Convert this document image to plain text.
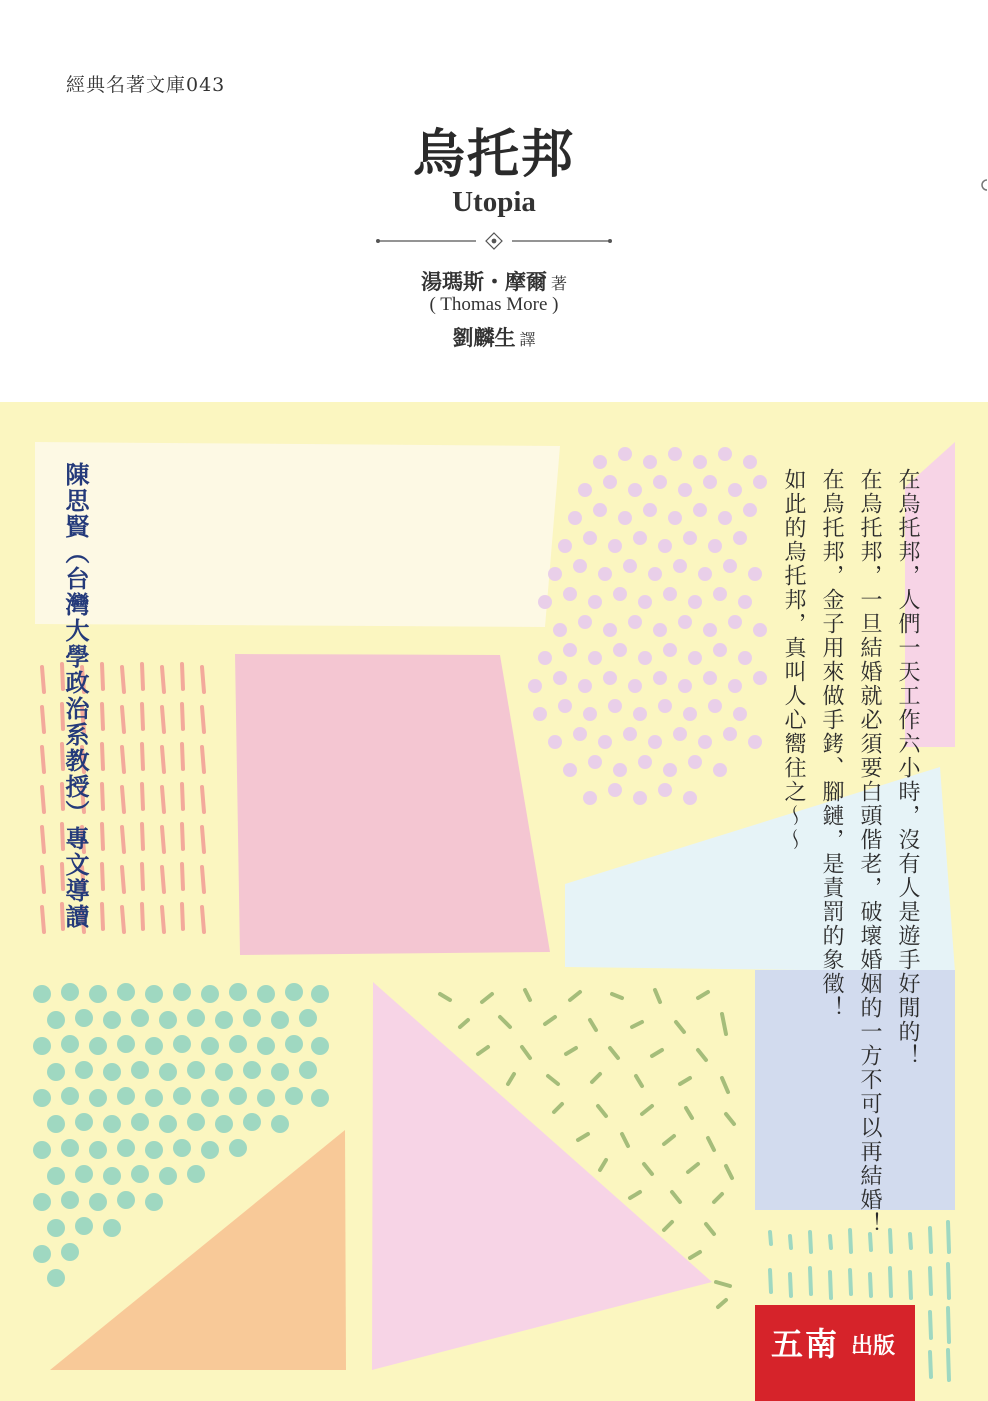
經典名著文庫043
烏托邦
Utopia
湯瑪斯・摩爾 著
( Thomas More )
劉麟生 譯
陳思賢（台灣大學政治系教授）專文導讀	在烏托邦，人們一天工作六小時，沒有人是遊手好閒的！
在烏托邦，一旦結婚就必須要白頭偕老，破壞婚姻的一方不可以再結婚！
在烏托邦，金子用來做手銬、腳鏈，是責罰的象徵！
如此的烏托邦，真叫人心嚮往之～～
五南 出版
